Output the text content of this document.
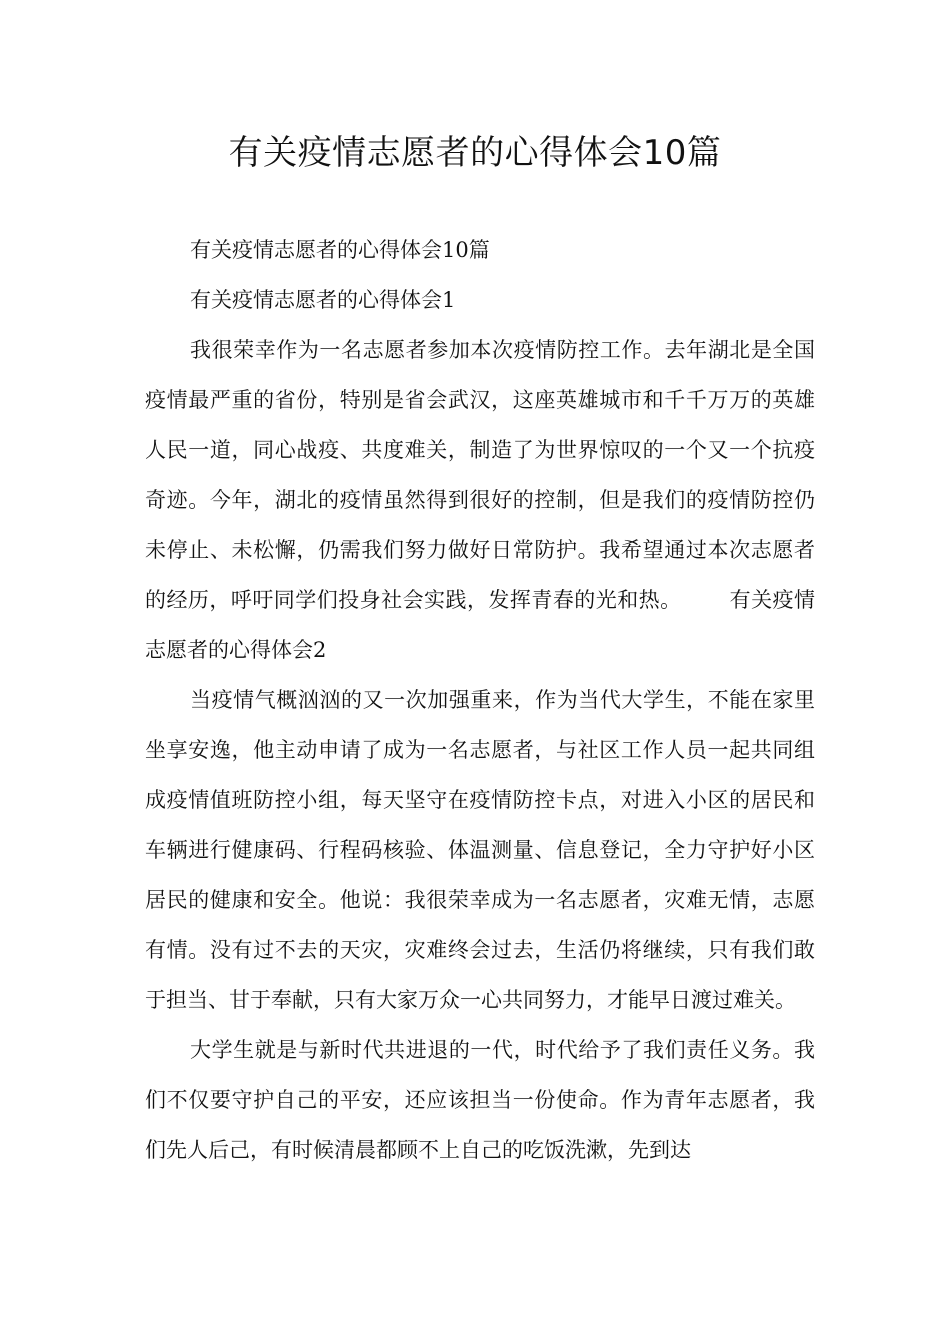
有关疫情志愿者的心得体会10篇

有关疫情志愿者的心得体会10篇

有关疫情志愿者的心得体会1

我很荣幸作为一名志愿者参加本次疫情防控工作。去年湖北是全国疫情最严重的省份，特别是省会武汉，这座英雄城市和千千万万的英雄人民一道，同心战疫、共度难关，制造了为世界惊叹的一个又一个抗疫奇迹。今年，湖北的疫情虽然得到很好的控制，但是我们的疫情防控仍未停止、未松懈，仍需我们努力做好日常防护。我希望通过本次志愿者的经历，呼吁同学们投身社会实践，发挥青春的光和热。 有关疫情志愿者的心得体会2

当疫情气概汹汹的又一次加强重来，作为当代大学生，不能在家里坐享安逸，他主动申请了成为一名志愿者，与社区工作人员一起共同组成疫情值班防控小组，每天坚守在疫情防控卡点，对进入小区的居民和车辆进行健康码、行程码核验、体温测量、信息登记，全力守护好小区居民的健康和安全。他说：我很荣幸成为一名志愿者，灾难无情，志愿有情。没有过不去的天灾，灾难终会过去，生活仍将继续，只有我们敢于担当、甘于奉献，只有大家万众一心共同努力，才能早日渡过难关。

大学生就是与新时代共进退的一代，时代给予了我们责任义务。我们不仅要守护自己的平安，还应该担当一份使命。作为青年志愿者，我们先人后己，有时候清晨都顾不上自己的吃饭洗漱，先到达
